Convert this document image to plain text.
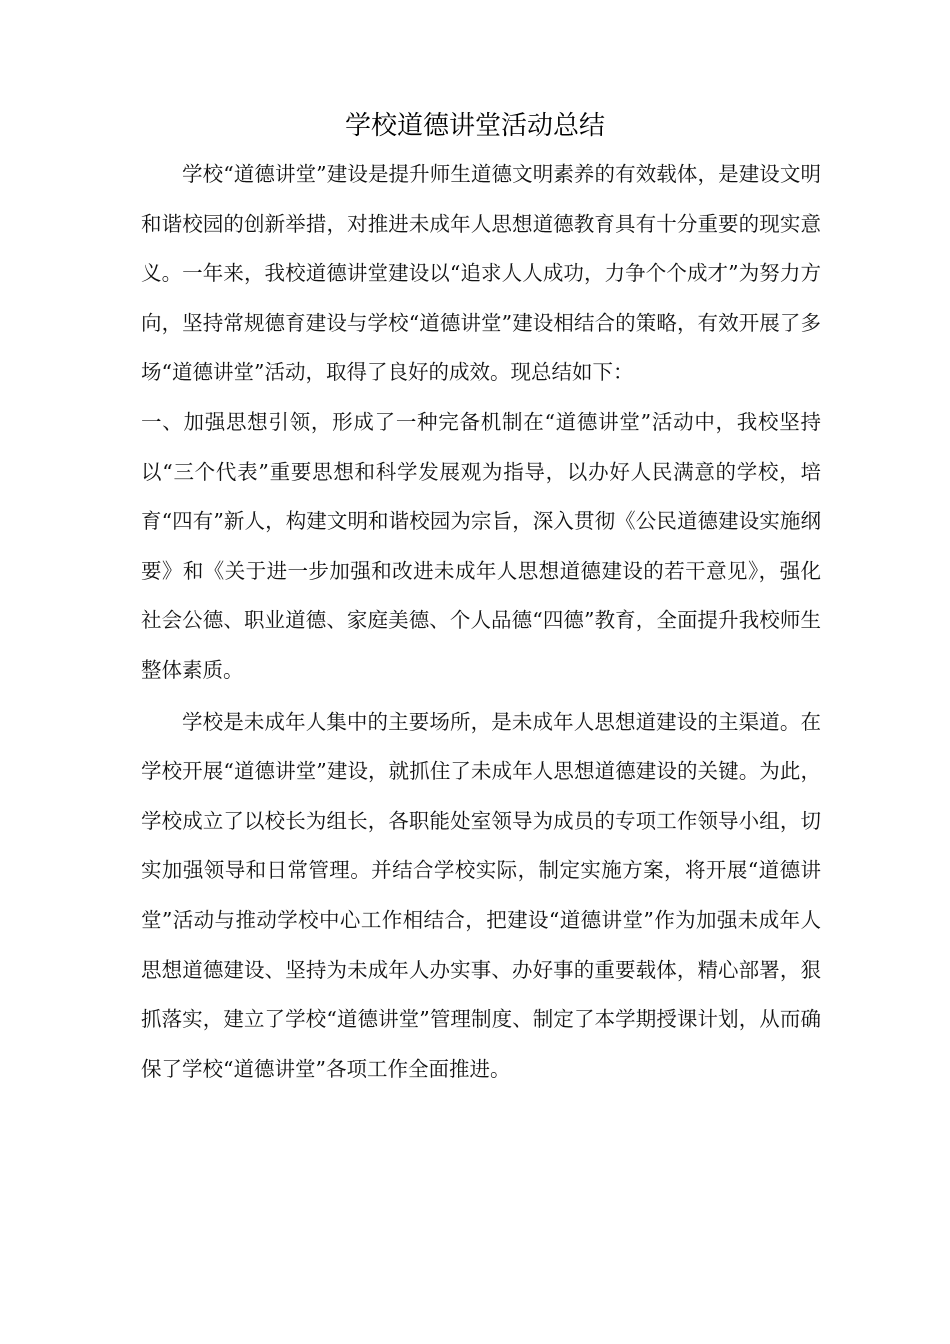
学校道德讲堂活动总结

学校“道德讲堂”建设是提升师生道德文明素养的有效载体，是建设文明和谐校园的创新举措，对推进未成年人思想道德教育具有十分重要的现实意义。一年来，我校道德讲堂建设以“追求人人成功，力争个个成才”为努力方向，坚持常规德育建设与学校“道德讲堂”建设相结合的策略，有效开展了多场“道德讲堂”活动，取得了良好的成效。现总结如下：

一、加强思想引领，形成了一种完备机制在“道德讲堂”活动中，我校坚持以“三个代表”重要思想和科学发展观为指导，以办好人民满意的学校，培育“四有”新人，构建文明和谐校园为宗旨，深入贯彻《公民道德建设实施纲要》和《关于进一步加强和改进未成年人思想道德建设的若干意见》，强化社会公德、职业道德、家庭美德、个人品德“四德”教育，全面提升我校师生整体素质。

学校是未成年人集中的主要场所，是未成年人思想道建设的主渠道。在学校开展“道德讲堂”建设，就抓住了未成年人思想道德建设的关键。为此，学校成立了以校长为组长，各职能处室领导为成员的专项工作领导小组，切实加强领导和日常管理。并结合学校实际，制定实施方案，将开展“道德讲堂”活动与推动学校中心工作相结合，把建设“道德讲堂”作为加强未成年人思想道德建设、坚持为未成年人办实事、办好事的重要载体，精心部署，狠抓落实，建立了学校“道德讲堂”管理制度、制定了本学期授课计划，从而确保了学校“道德讲堂”各项工作全面推进。
